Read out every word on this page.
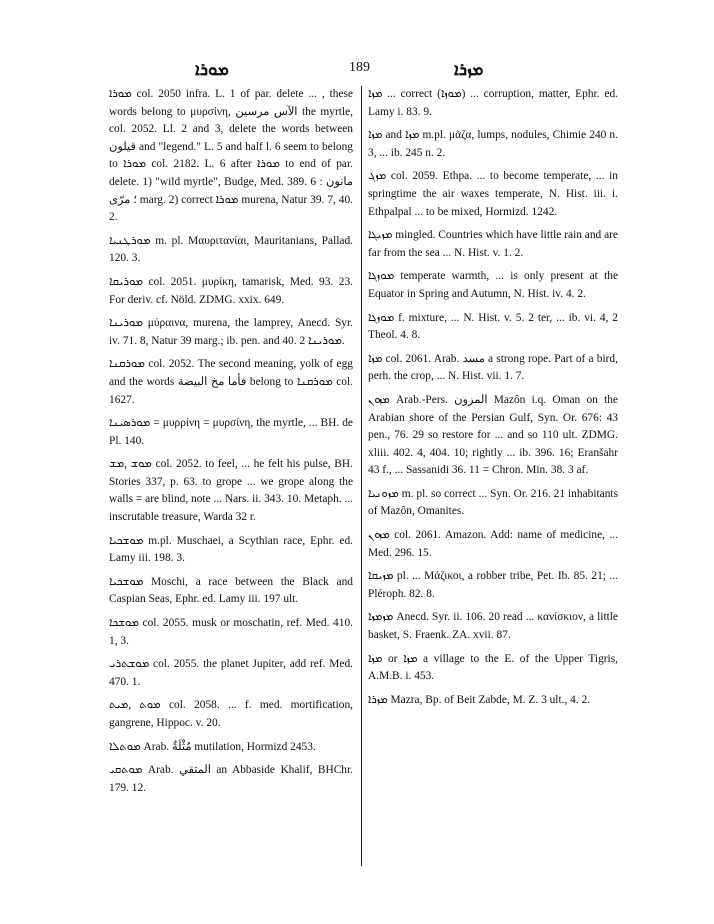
ܡܘܪܐ	189	ܡܙܪܐ

ܡܘܪܐ col. 2050 infra. L. 1 of par. delete ... , these words belong to μυρσίνη, الآس مرسين the myrtle, col. 2052. Ll. 2 and 3, delete the words between قيلون and "legend." L. 5 and half l. 6 seem to belong to ܡܘܪܐ col. 2182. L. 6 after ܡܘܪܐ to end of par. delete. 1) "wild myrtle", Budge, Med. 389. 6 مانون : ؛ مرّى marg. 2) correct ܡܘܪܐ murena, Natur 39. 7, 40. 2.

ܡܘܪܛܢܝܐ m. pl. Μαυριτανίαι, Mauritanians, Pallad. 120. 3.

ܡܘܪܝܩܐ col. 2051. μυρίκη, tamarisk, Med. 93. 23. For deriv. cf. Nöld. ZDMG. xxix. 649.

ܡܘܪܝܢܐ μύραινα, murena, the lamprey, Anecd. Syr. iv. 71. 8, Natur 39 marg.; ib. pen. and 40. 2 ܡܘܪܝܢܐ.

ܡܘܪܩܢܐ col. 2052. The second meaning, yolk of egg and the words فأما مخ البيضة belong to ܡܘܪܩܢܐ col. 1627.

ܡܘܪܣܝܢܐ = μυρρίνη = μυρσίνη, the myrtle, ... BH. de Pl. 140.

ܡܘܫ ,ܡܫ col. 2052. to feel, ... he felt his pulse, BH. Stories 337, p. 63. to grope ... we grope along the walls = are blind, note ... Nars. ii. 343. 10. Metaph. ... inscrutable treasure, Warda 32 r.

ܡܘܫܟܝܐ m.pl. Muschaei, a Scythian race, Ephr. ed. Lamy iii. 198. 3.

ܡܘܫܟܝܐ Moschi, a race between the Black and Caspian Seas, Ephr. ed. Lamy iii. 197 ult.

ܡܘܫܟܐ col. 2055. musk or moschatin, ref. Med. 410. 1, 3.

ܡܘܫܬܪܝ col. 2055. the planet Jupiter, add ref. Med. 470. 1.

ܡܘܬ ,ܡܝܬ col. 2058. ... f. med. mortification, gangrene, Hippoc. v. 20.

ܡܘܬܠܐ Arab. مُثْلَةٌ mutilation, Hormizd 2453.

ܡܘܬܩܝ Arab. المتقي an Abbaside Khalif, BHChr. 179. 12.

ܡܙܐ ... correct (ܡܘܙܐ) ... corruption, matter, Ephr. ed. Lamy i. 83. 9.

ܡܙܐ and ܡܙܐ m.pl. μᾶζα, lumps, nodules, Chimie 240 n. 3, ... ib. 245 n. 2.

ܡܙܓ col. 2059. Ethpa. ... to become temperate, ... in springtime the air waxes temperate, N. Hist. iii. i. Ethpalpal ... to be mixed, Hormizd. 1242.

ܡܙܝܓܐ mingled. Countries which have little rain and are far from the sea ... N. Hist. v. 1. 2.

ܡܘܙܓܐ temperate warmth, ... is only present at the Equator in Spring and Autumn, N. Hist. iv. 4. 2.

ܡܘܙܓܐ f. mixture, ... N. Hist. v. 5. 2 ter, ... ib. vi. 4, 2 Theol. 4. 8.

ܡܙܐ col. 2061. Arab. مسد a strong rope. Part of a bird, perh. the crop, ... N. Hist. vii. 1. 7.

ܡܙܘܢ Arab.-Pers. المزون Mazôn i.q. Oman on the Arabian shore of the Persian Gulf, Syn. Or. 676: 43 pen., 76. 29 so restore for ... and so 110 ult. ZDMG. xliii. 402. 4, 404. 10; rightly ... ib. 396. 16; Eranšahr 43 f., ... Sassanidi 36. 11 = Chron. Min. 38. 3 af.

ܡܙܘܢܝܐ m. pl. so correct ... Syn. Or. 216. 21 inhabitants of Mazôn, Omanites.

ܡܙܘܢ col. 2061. Amazon. Add: name of medicine, ... Med. 296. 15.

ܡܙܝܩܐ pl. ... Μάζικοι, a robber tribe, Pet. Ib. 85. 21; ... Pléroph. 82. 8.

ܡܙܡܙܐ Anecd. Syr. ii. 106. 20 read ... κανίσκιον, a little basket, S. Fraenk. ZA. xvii. 87.

ܡܙܐ or ܡܙܐ a village to the E. of the Upper Tigris, A.M.B. i. 453.

ܡܙܪܐ Mazra, Bp. of Beit Zabde, M. Z. 3 ult., 4. 2.
